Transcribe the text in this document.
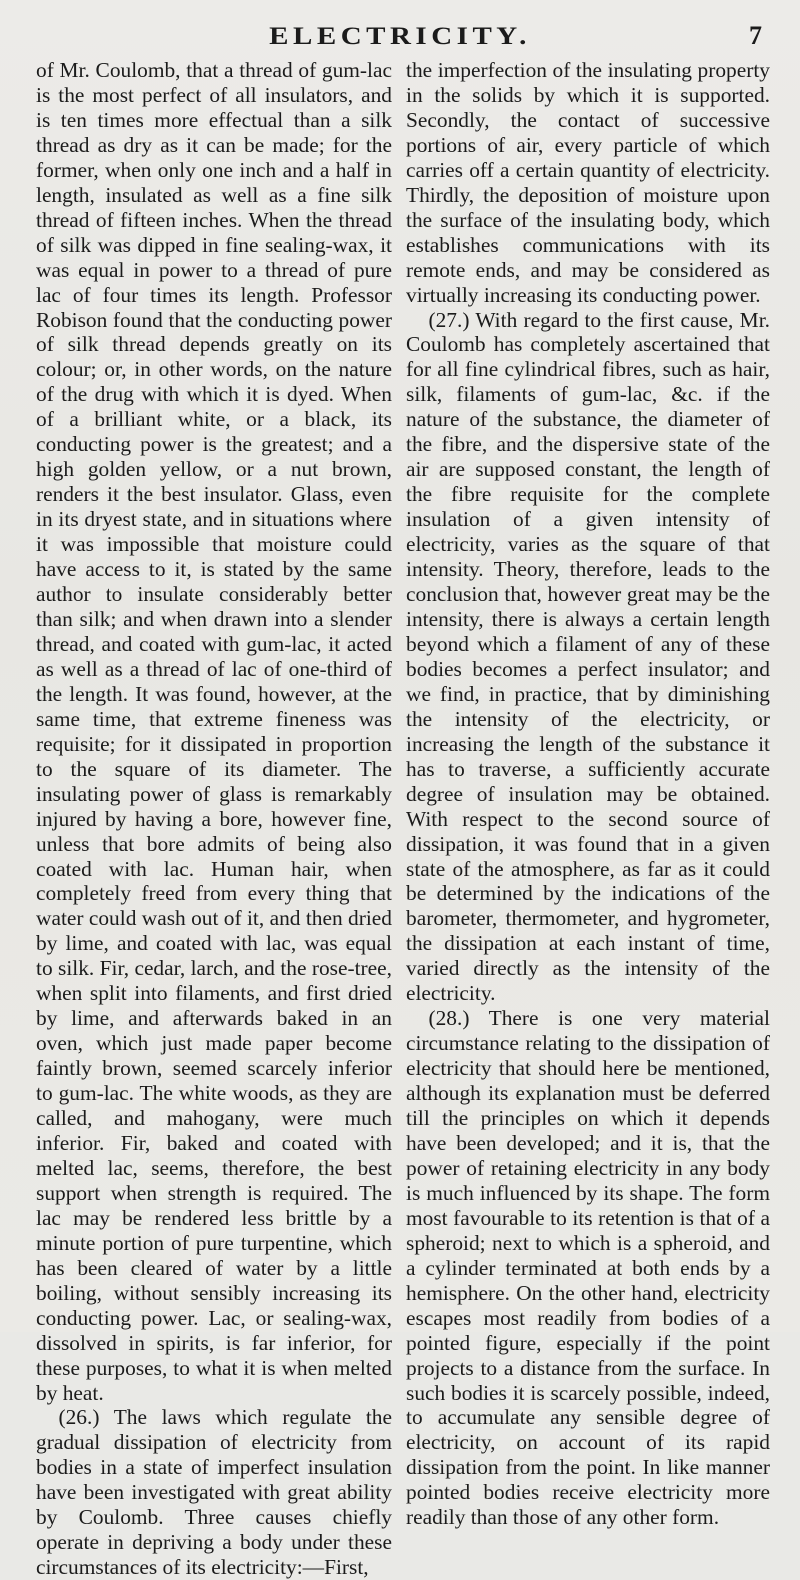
ELECTRICITY.	7

of Mr. Coulomb, that a thread of gum-lac is the most perfect of all insulators, and is ten times more effectual than a silk thread as dry as it can be made; for the former, when only one inch and a half in length, insulated as well as a fine silk thread of fifteen inches. When the thread of silk was dipped in fine sealing-wax, it was equal in power to a thread of pure lac of four times its length. Professor Robison found that the conducting power of silk thread depends greatly on its colour; or, in other words, on the nature of the drug with which it is dyed. When of a brilliant white, or a black, its conducting power is the greatest; and a high golden yellow, or a nut brown, renders it the best insulator. Glass, even in its dryest state, and in situations where it was impossible that moisture could have access to it, is stated by the same author to insulate considerably better than silk; and when drawn into a slender thread, and coated with gum-lac, it acted as well as a thread of lac of one-third of the length. It was found, however, at the same time, that extreme fineness was requisite; for it dissipated in proportion to the square of its diameter. The insulating power of glass is remarkably injured by having a bore, however fine, unless that bore admits of being also coated with lac. Human hair, when completely freed from every thing that water could wash out of it, and then dried by lime, and coated with lac, was equal to silk. Fir, cedar, larch, and the rose-tree, when split into filaments, and first dried by lime, and afterwards baked in an oven, which just made paper become faintly brown, seemed scarcely inferior to gum-lac. The white woods, as they are called, and mahogany, were much inferior. Fir, baked and coated with melted lac, seems, therefore, the best support when strength is required. The lac may be rendered less brittle by a minute portion of pure turpentine, which has been cleared of water by a little boiling, without sensibly increasing its conducting power. Lac, or sealing-wax, dissolved in spirits, is far inferior, for these purposes, to what it is when melted by heat.

(26.) The laws which regulate the gradual dissipation of electricity from bodies in a state of imperfect insulation have been investigated with great ability by Coulomb. Three causes chiefly operate in depriving a body under these circumstances of its electricity:—First,

the imperfection of the insulating property in the solids by which it is supported. Secondly, the contact of successive portions of air, every particle of which carries off a certain quantity of electricity. Thirdly, the deposition of moisture upon the surface of the insulating body, which establishes communications with its remote ends, and may be considered as virtually increasing its conducting power.

(27.) With regard to the first cause, Mr. Coulomb has completely ascertained that for all fine cylindrical fibres, such as hair, silk, filaments of gum-lac, &c. if the nature of the substance, the diameter of the fibre, and the dispersive state of the air are supposed constant, the length of the fibre requisite for the complete insulation of a given intensity of electricity, varies as the square of that intensity. Theory, therefore, leads to the conclusion that, however great may be the intensity, there is always a certain length beyond which a filament of any of these bodies becomes a perfect insulator; and we find, in practice, that by diminishing the intensity of the electricity, or increasing the length of the substance it has to traverse, a sufficiently accurate degree of insulation may be obtained. With respect to the second source of dissipation, it was found that in a given state of the atmosphere, as far as it could be determined by the indications of the barometer, thermometer, and hygrometer, the dissipation at each instant of time, varied directly as the intensity of the electricity.

(28.) There is one very material circumstance relating to the dissipation of electricity that should here be mentioned, although its explanation must be deferred till the principles on which it depends have been developed; and it is, that the power of retaining electricity in any body is much influenced by its shape. The form most favourable to its retention is that of a spheroid; next to which is a spheroid, and a cylinder terminated at both ends by a hemisphere. On the other hand, electricity escapes most readily from bodies of a pointed figure, especially if the point projects to a distance from the surface. In such bodies it is scarcely possible, indeed, to accumulate any sensible degree of electricity, on account of its rapid dissipation from the point. In like manner pointed bodies receive electricity more readily than those of any other form.
